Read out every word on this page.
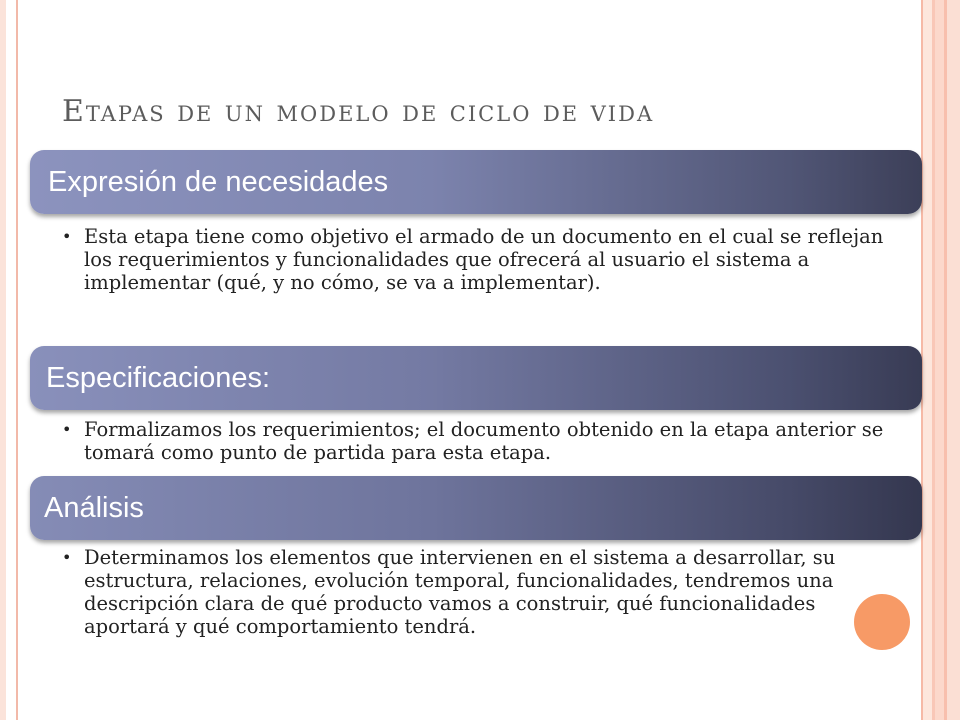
Etapas de un modelo de ciclo de vida
Expresión de necesidades
• Esta etapa tiene como objetivo el armado de un documento en el cual se reflejan los requerimientos y funcionalidades que ofrecerá al usuario el sistema a implementar (qué, y no cómo, se va a implementar).
Especificaciones:
• Formalizamos los requerimientos; el documento obtenido en la etapa anterior se tomará como punto de partida para esta etapa.
Análisis
• Determinamos los elementos que intervienen en el sistema a desarrollar, su estructura, relaciones, evolución temporal, funcionalidades, tendremos una descripción clara de qué producto vamos a construir, qué funcionalidades aportará y qué comportamiento tendrá.
